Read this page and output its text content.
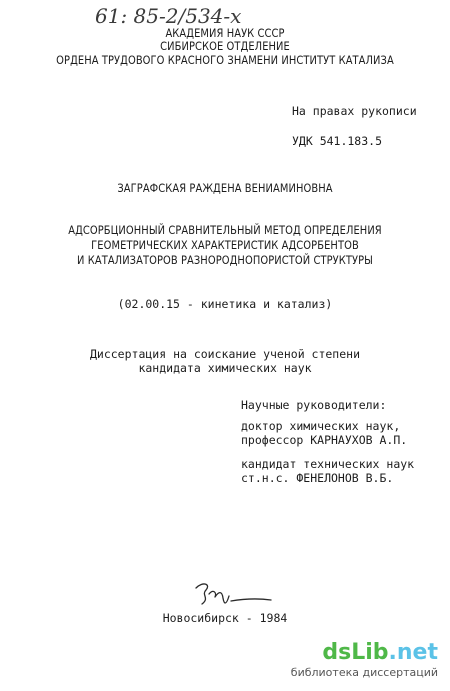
61: 85-2/534-х
АКАДЕМИЯ НАУК СССР
СИБИРСКОЕ ОТДЕЛЕНИЕ
ОРДЕНА ТРУДОВОГО КРАСНОГО ЗНАМЕНИ ИНСТИТУТ КАТАЛИЗА
На правах рукописи
УДК 541.183.5
ЗАГРАФСКАЯ РАЖДЕНА ВЕНИАМИНОВНА
АДСОРБЦИОННЫЙ СРАВНИТЕЛЬНЫЙ МЕТОД ОПРЕДЕЛЕНИЯ
ГЕОМЕТРИЧЕСКИХ ХАРАКТЕРИСТИК АДСОРБЕНТОВ
И КАТАЛИЗАТОРОВ РАЗНОРОДНОПОРИСТОЙ СТРУКТУРЫ
(02.00.15 - кинетика и катализ)
Диссертация на соискание ученой степени
кандидата химических наук
Научные руководители:
доктор химических наук,
профессор КАРНАУХОВ А.П.
кандидат технических наук
ст.н.с. ФЕНЕЛОНОВ В.Б.
Новосибирск - 1984
dsLib.net
библиотека диссертаций
